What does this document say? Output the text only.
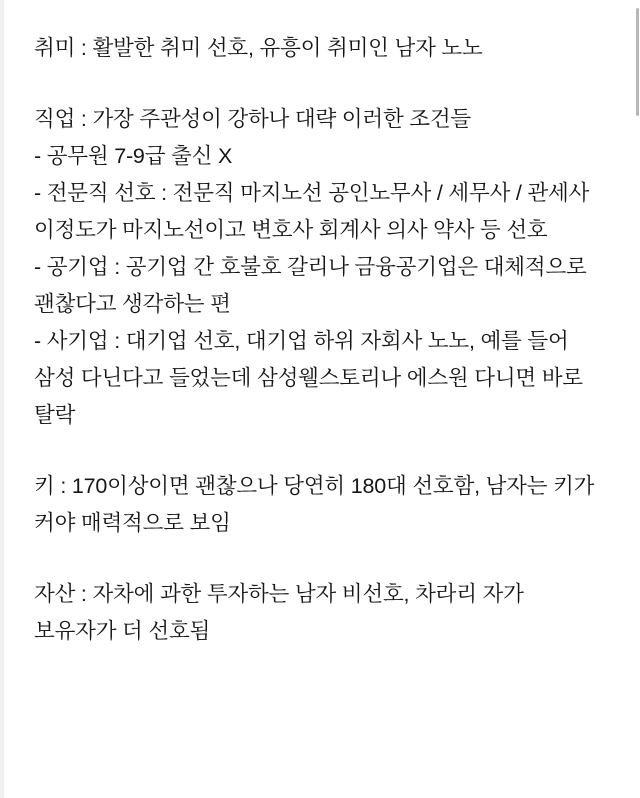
취미 : 활발한 취미 선호, 유흥이 취미인 남자 노노
직업 : 가장 주관성이 강하나 대략 이러한 조건들
- 공무원 7-9급 출신 X
- 전문직 선호 : 전문직 마지노선 공인노무사 / 세무사 / 관세사 이정도가 마지노선이고 변호사 회계사 의사 약사 등 선호
- 공기업 : 공기업 간 호불호 갈리나 금융공기업은 대체적으로 괜찮다고 생각하는 편
- 사기업 : 대기업 선호, 대기업 하위 자회사 노노, 예를 들어 삼성 다닌다고 들었는데 삼성웰스토리나 에스원 다니면 바로 탈락
키 : 170이상이면 괜찮으나 당연히 180대 선호함, 남자는 키가 커야 매력적으로 보임
자산 : 자차에 과한 투자하는 남자 비선호, 차라리 자가 보유자가 더 선호됨
